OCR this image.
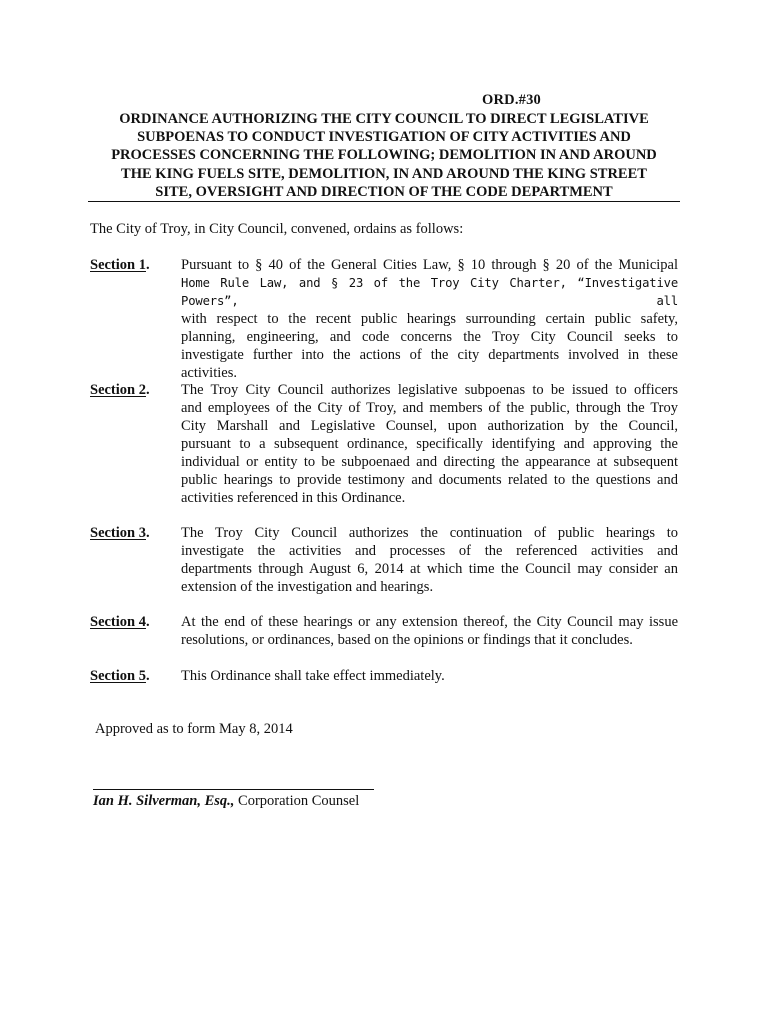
ORD.#30
ORDINANCE AUTHORIZING THE CITY COUNCIL TO DIRECT LEGISLATIVE
SUBPOENAS TO CONDUCT INVESTIGATION OF CITY ACTIVITIES AND
PROCESSES CONCERNING THE FOLLOWING; DEMOLITION IN AND AROUND
THE KING FUELS SITE, DEMOLITION, IN AND AROUND THE KING STREET
SITE, OVERSIGHT AND DIRECTION OF THE CODE DEPARTMENT
The City of Troy, in City Council, convened, ordains as follows:
Section 1. Pursuant to § 40 of the General Cities Law, § 10 through § 20 of the Municipal
Home Rule Law, and § 23 of the Troy City Charter, “Investigative Powers”, all
with respect to the recent public hearings surrounding certain public safety,
planning, engineering, and code concerns the Troy City Council seeks to
investigate further into the actions of the city departments involved in these
activities.
Section 2. The Troy City Council authorizes legislative subpoenas to be issued to officers
and employees of the City of Troy, and members of the public, through the Troy
City Marshall and Legislative Counsel, upon authorization by the Council,
pursuant to a subsequent ordinance, specifically identifying and approving the
individual or entity to be subpoenaed and directing the appearance at subsequent
public hearings to provide testimony and documents related to the questions and
activities referenced in this Ordinance.
Section 3. The Troy City Council authorizes the continuation of public hearings to
investigate the activities and processes of the referenced activities and
departments through August 6, 2014 at which time the Council may consider an
extension of the investigation and hearings.
Section 4. At the end of these hearings or any extension thereof, the City Council may issue
resolutions, or ordinances, based on the opinions or findings that it concludes.
Section 5. This Ordinance shall take effect immediately.
Approved as to form May 8, 2014
Ian H. Silverman, Esq., Corporation Counsel
